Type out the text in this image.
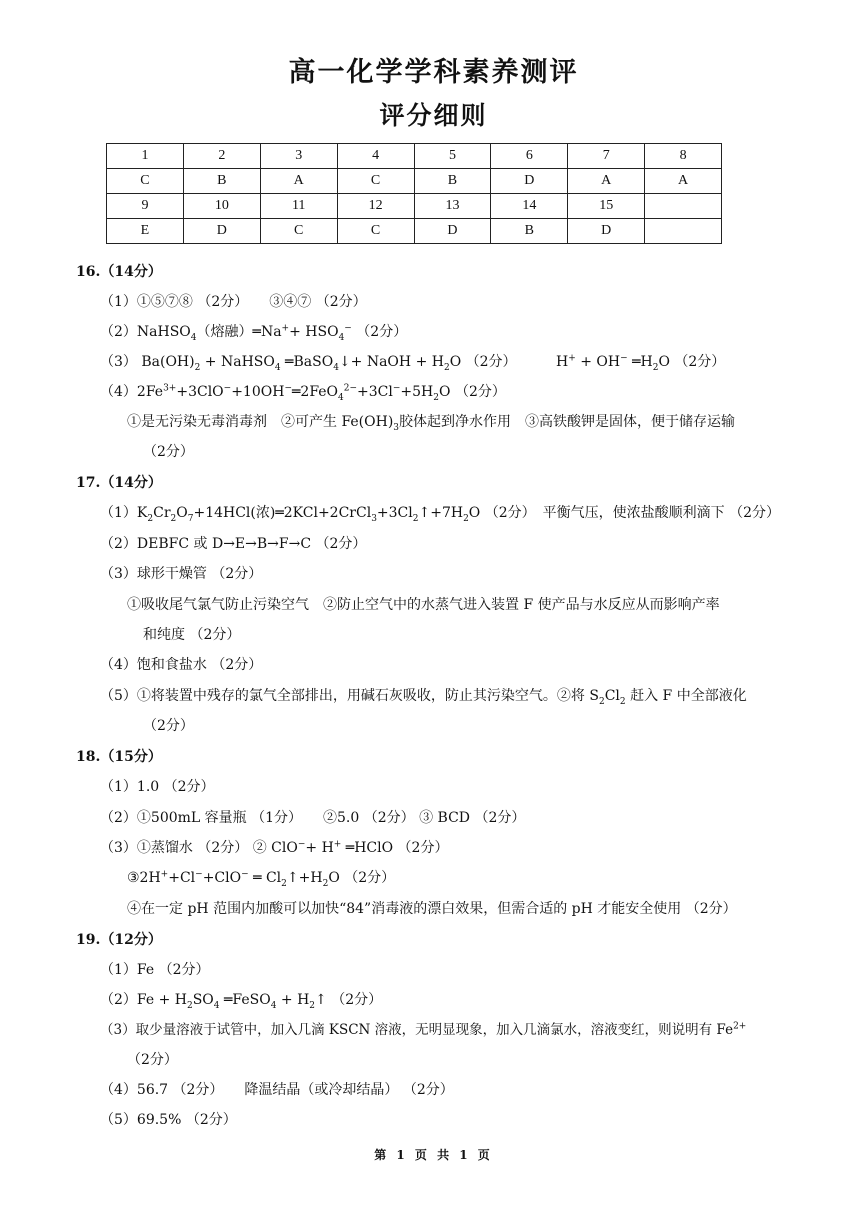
高一化学学科素养测评
评分细则
1	2	3	4	5	6	7	8
C	B	A	C	B	D	A	A
9	10	11	12	13	14	15	
E	D	C	C	D	B	D	
16.（14分）
（1）①⑤⑦⑧ （2分）　　③④⑦ （2分）
（2）NaHSO$_4$（熔融）═Na++ $HSO_4^-$ （2分）
（3） $Ba(OH)_2$ + NaHSO$_4$ ═BaSO$_4$↓+ NaOH + $H_2O$ （2分）	H+ + OH− $═H_2O$ （2分）
$(4)2Fe^{3+}+3ClO^-+10OH^-═2FeO_4^{2-}+3Cl^-+5H_2O$ （2分）
①是无污染无毒消毒剂　②可产生 $Fe(OH)_3$胶体起到净水作用　③高铁酸钾是固体，便于储存运输
（2分）
17.（14分）
$(1)K_2Cr_2O_7+14HCl$(浓)$═2KCl+2CrCl_3+3Cl_2↑+7H_2O$ （2分）　平衡气压，使浓盐酸顺利滴下 （2分）
（2）DEBFC 或 D→E→B→F→C （2分）
（3）球形干燥管 （2分）
①吸收尾气氯气防止污染空气　②防止空气中的水蒸气进入装置 F 使产品与水反应从而影响产率
和纯度 （2分）
（4）饱和食盐水 （2分）
（5）①将装置中残存的氯气全部排出，用碱石灰吸收，防止其污染空气。②将 $S_2Cl_2$ 赶入 F 中全部液化
（2分）
18.（15分）
（1）1.0 （2分）
（2）①500mL 容量瓶 （1分）　　②5.0 （2分） ③ BCD （2分）
（3）①蒸馏水 （2分） ② ClO−+ H+ ═HClO （2分）
③2H++Cl−+ClO− ═ $Cl_2↑+H_2O$ （2分）
④在一定 pH 范围内加酸可以加快“84”消毒液的漂白效果，但需合适的 pH 才能安全使用 （2分）
19.（12分）
（1）Fe （2分）
$(2)Fe + H_2SO_4$ ═FeSO$_4$ + $H_2↑$ （2分）
（3）取少量溶液于试管中，加入几滴 KSCN 溶液，无明显现象，加入几滴氯水，溶液变红，则说明有 $Fe^{2+}$
（2分）
（4）56.7 （2分）　　降温结晶（或冷却结晶） （2分）
（5）69.5% （2分）
第 1 页 共 1 页
